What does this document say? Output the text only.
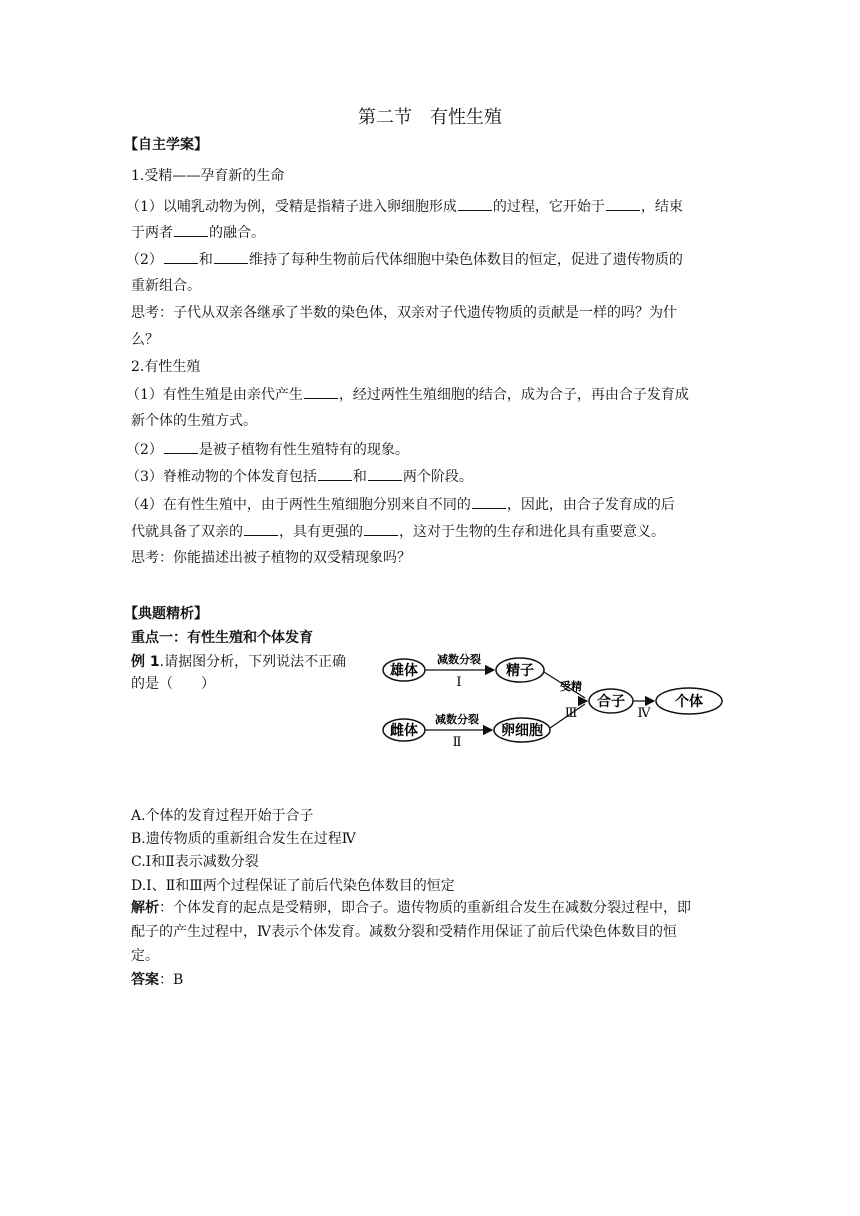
第二节　有性生殖
【自主学案】
1.受精——孕育新的生命
（1）以哺乳动物为例，受精是指精子进入卵细胞形成	的过程，它开始于	，结束
于两者	的融合。
（2）	和	维持了每种生物前后代体细胞中染色体数目的恒定，促进了遗传物质的
重新组合。
思考：子代从双亲各继承了半数的染色体，双亲对子代遗传物质的贡献是一样的吗？为什
么？
2.有性生殖
（1）有性生殖是由亲代产生	，经过两性生殖细胞的结合，成为合子，再由合子发育成
新个体的生殖方式。
（2）	是被子植物有性生殖特有的现象。
（3）脊椎动物的个体发育包括	和	两个阶段。
（4）在有性生殖中，由于两性生殖细胞分别来自不同的	，因此，由合子发育成的后
代就具备了双亲的	，具有更强的	，这对于生物的生存和进化具有重要意义。
思考：你能描述出被子植物的双受精现象吗？
【典题精析】
重点一：有性生殖和个体发育
例 1.请据图分析，下列说法不正确
的是（　　）
雄体
雌体
精子
卵细胞
合子	个体
减数分裂
Ⅰ
减数分裂
Ⅱ
受精
Ⅲ	Ⅳ
A.个体的发育过程开始于合子
B.遗传物质的重新组合发生在过程Ⅳ
C.Ⅰ和Ⅱ表示减数分裂
D.Ⅰ、Ⅱ和Ⅲ两个过程保证了前后代染色体数目的恒定
解析：个体发育的起点是受精卵，即合子。遗传物质的重新组合发生在减数分裂过程中，即
配子的产生过程中，Ⅳ表示个体发育。减数分裂和受精作用保证了前后代染色体数目的恒
定。
答案：B
